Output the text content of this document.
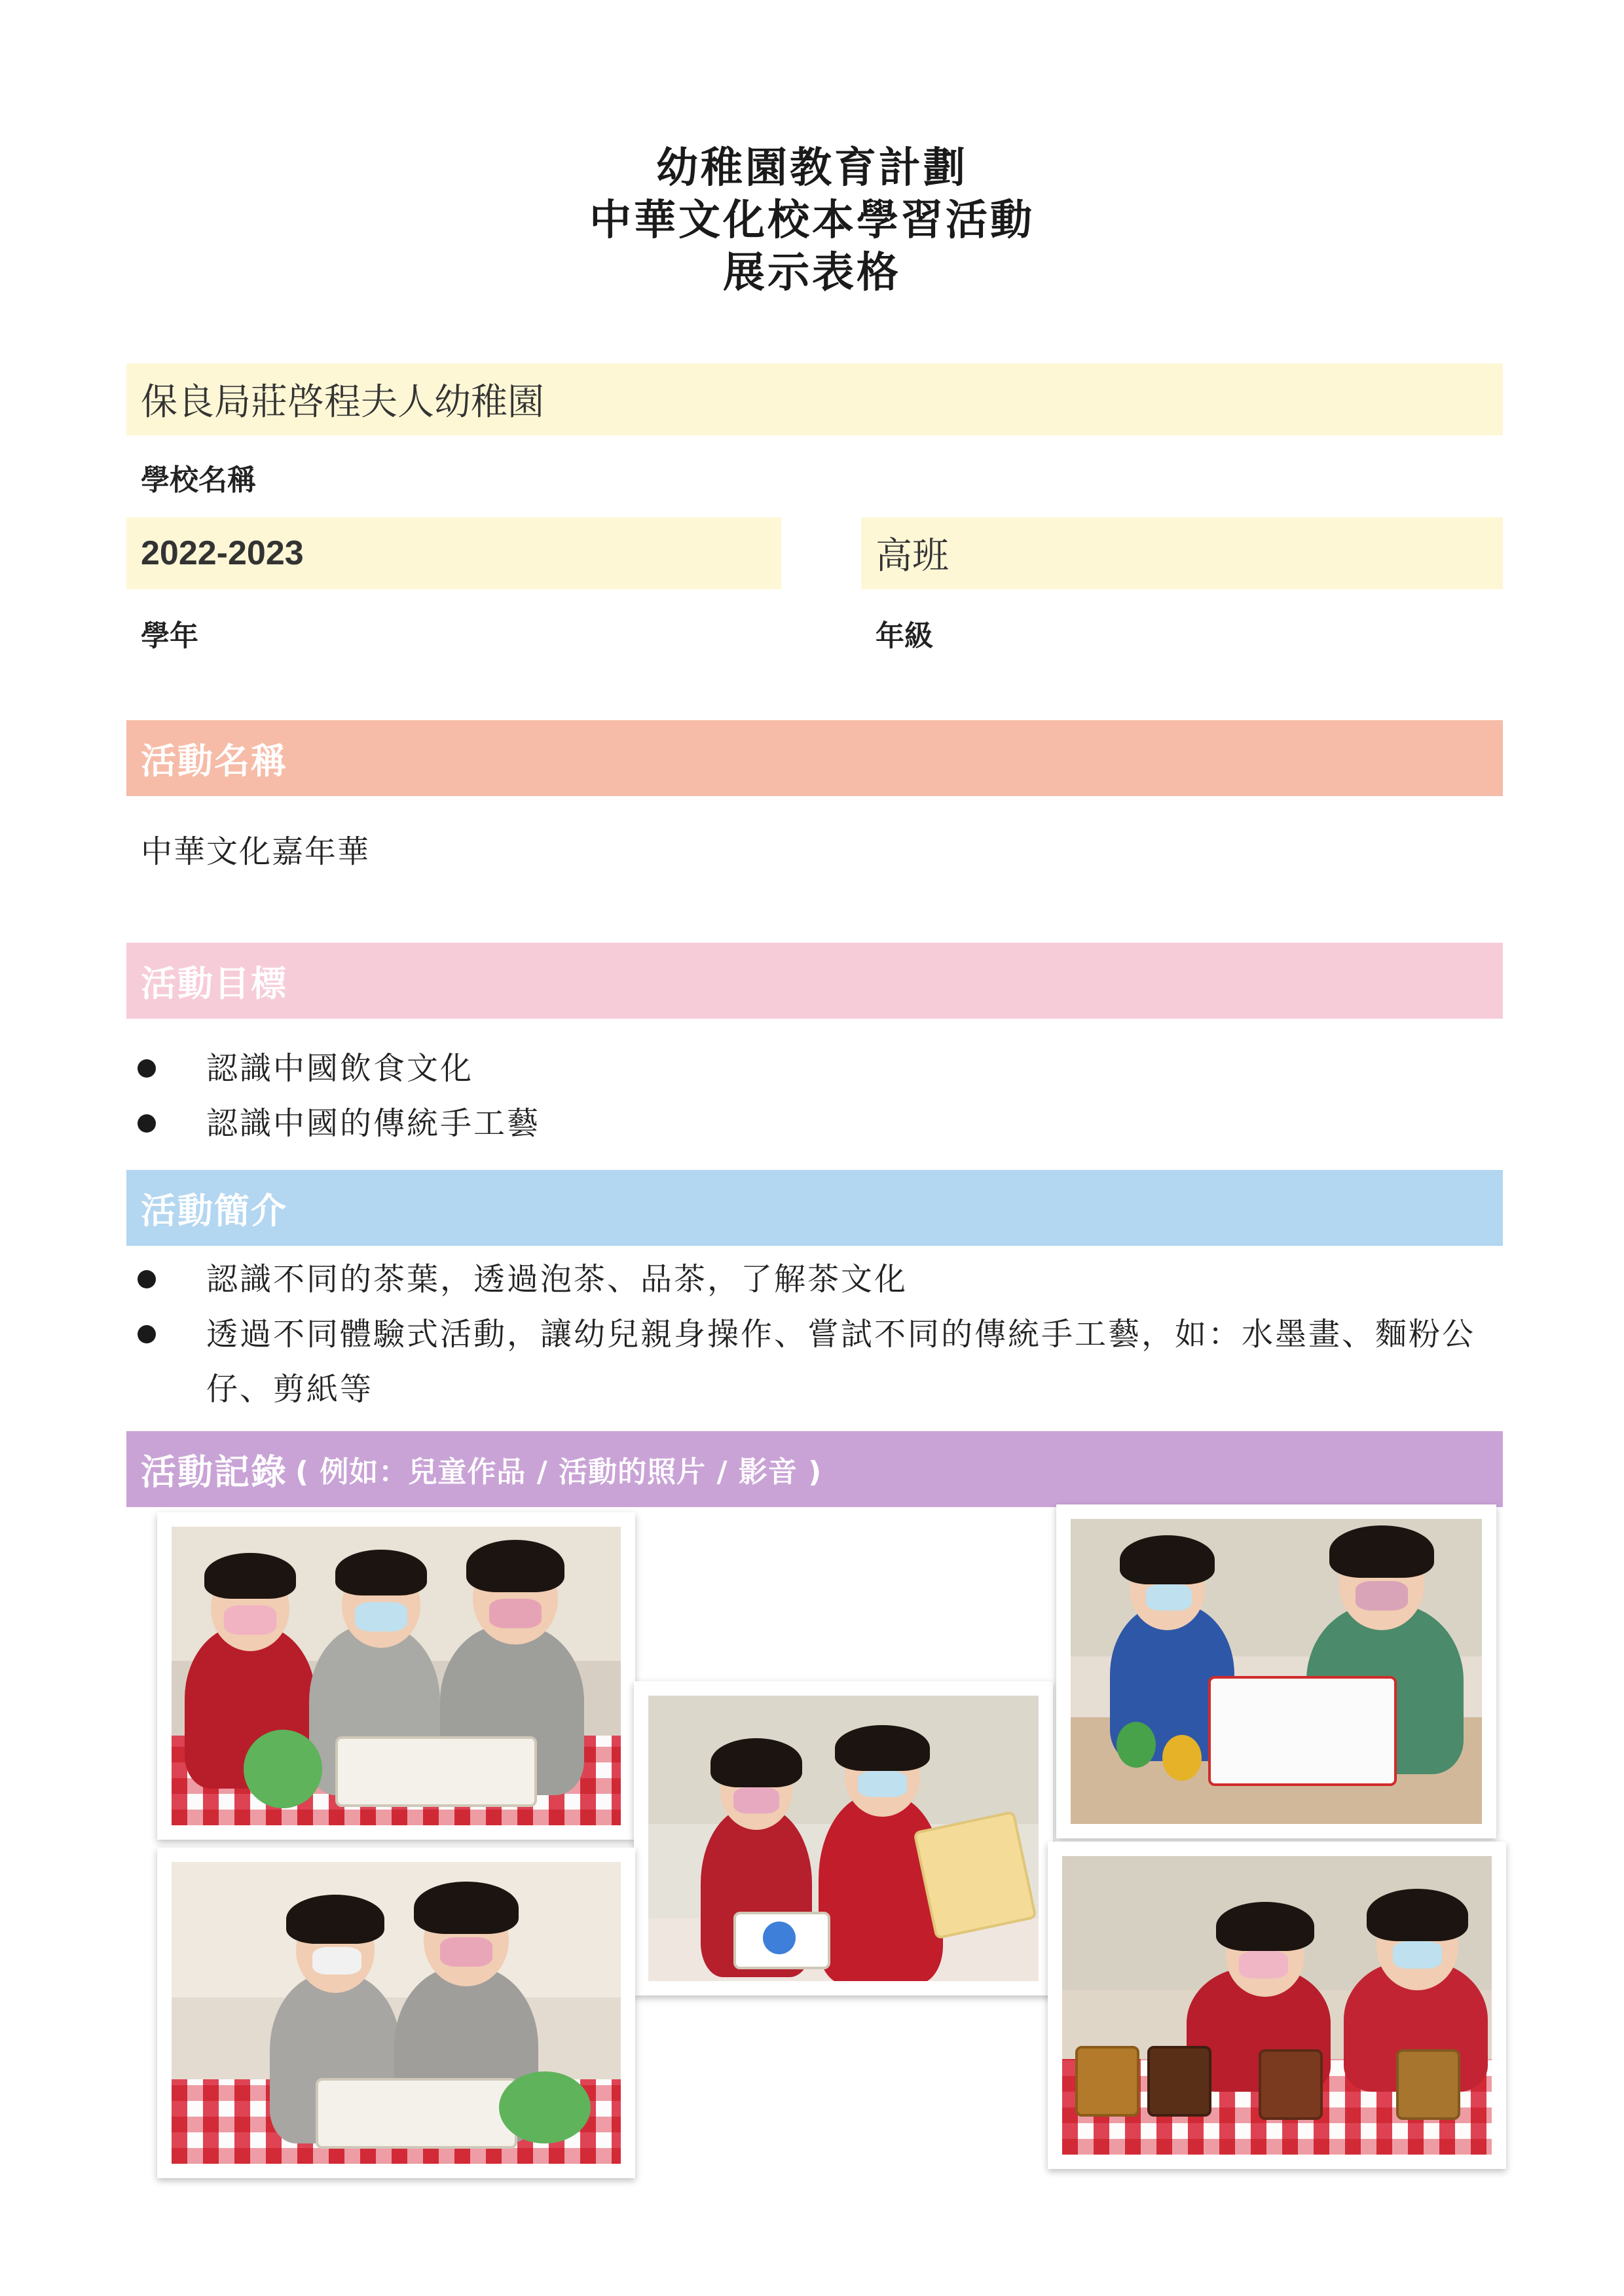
幼稚園教育計劃
中華文化校本學習活動
展示表格
保良局莊啓程夫人幼稚園
學校名稱
2022-2023
學年
高班
年級
活動名稱
中華文化嘉年華
活動目標
認識中國飲食文化
認識中國的傳統手工藝
活動簡介
認識不同的茶葉，透過泡茶、品茶，了解茶文化
透過不同體驗式活動，讓幼兒親身操作、嘗試不同的傳統手工藝，如：水墨畫、麵粉公仔、剪紙等
活動記錄 ( 例如：兒童作品 / 活動的照片 / 影音 )
